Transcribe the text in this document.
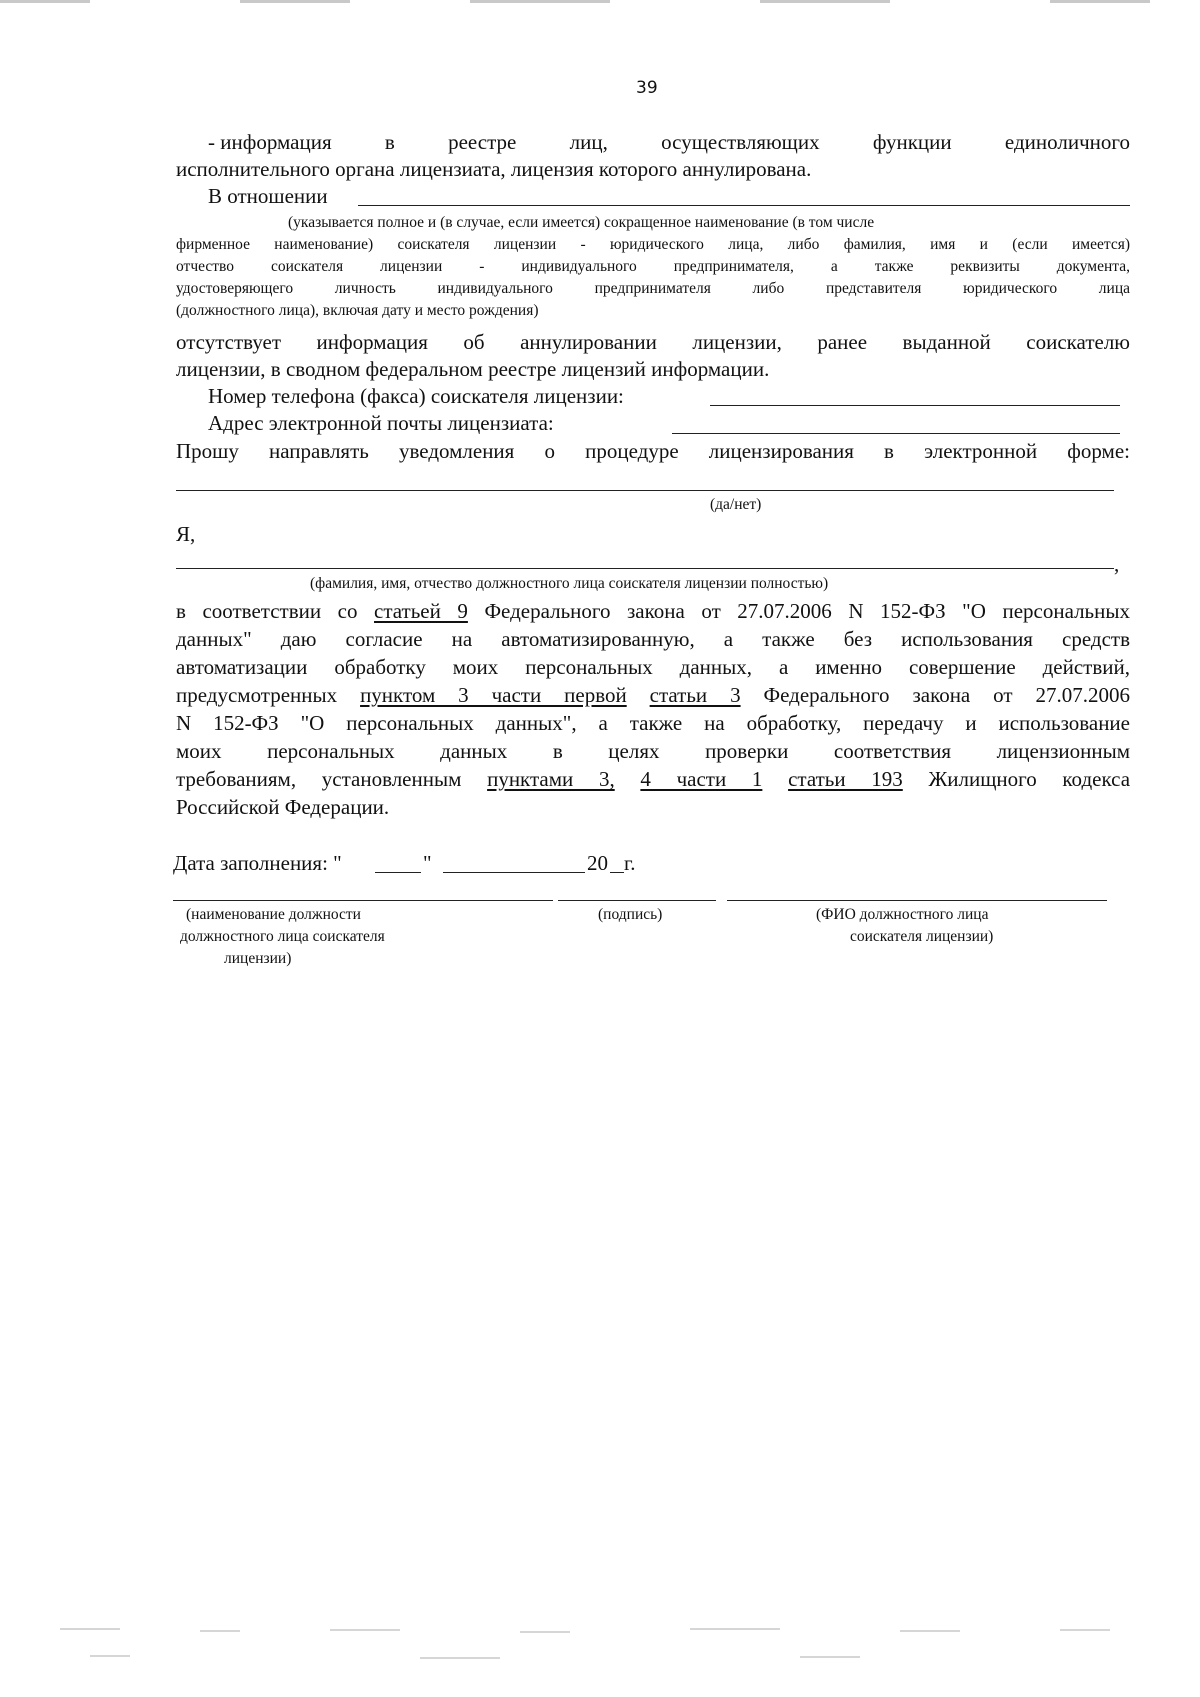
39
- информация	в	реестре	лиц,	осуществляющих	функции	единоличного
исполнительного органа лицензиата, лицензия которого аннулирована.
В отношении
(указывается полное и (в случае, если имеется) сокращенное наименование (в том числе
фирменное наименование) соискателя лицензии - юридического лица, либо фамилия, имя и (если имеется)
отчество соискателя лицензии - индивидуального предпринимателя, а также реквизиты документа,
удостоверяющего личность индивидуального предпринимателя либо представителя юридического лица
(должностного лица), включая дату и место рождения)
отсутствует информация об аннулировании лицензии, ранее выданной соискателю
лицензии, в сводном федеральном реестре лицензий информации.
Номер телефона (факса) соискателя лицензии:
Адрес электронной почты лицензиата:
Прошу направлять уведомления о процедуре лицензирования в электронной форме:
(да/нет)
Я,
,
(фамилия, имя, отчество должностного лица соискателя лицензии полностью)
в соответствии со статьей 9 Федерального закона от 27.07.2006 N 152-ФЗ "О персональных
данных" даю согласие на автоматизированную, а также без использования средств
автоматизации обработку моих персональных данных, а именно совершение действий,
предусмотренных пунктом 3 части первой статьи 3 Федерального закона от 27.07.2006
N 152-ФЗ "О персональных данных", а также на обработку, передачу и использование
моих персональных данных в целях проверки соответствия лицензионным
требованиям, установленным пунктами 3, 4 части 1 статьи 193 Жилищного кодекса
Российской Федерации.
Дата заполнения: "	"	20 г.
(наименование должности
должностного лица соискателя
лицензии)
(подпись)	(ФИО должностного лица
соискателя лицензии)
